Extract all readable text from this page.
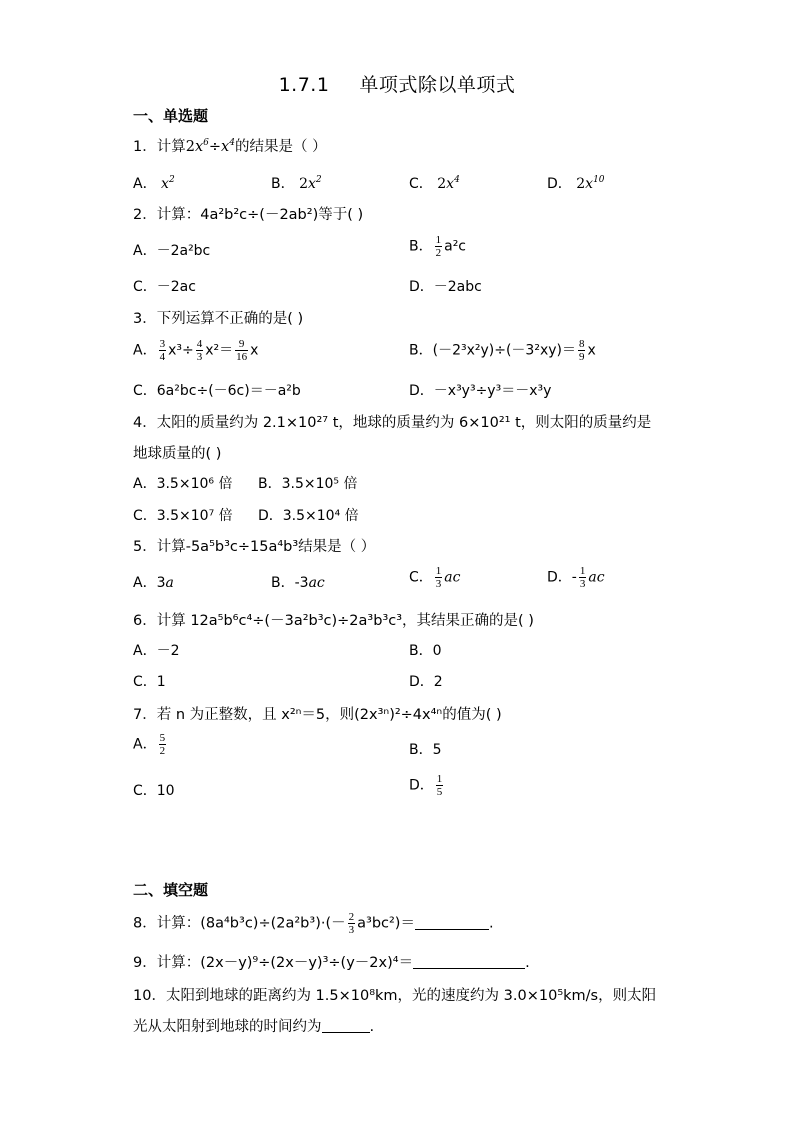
1.7.1 单项式除以单项式
一、单选题
1．计算$2x^6\div x^4$的结果是（ ）
A． $x^2$	B． $2x^2$	C． $2x^4$	D． $2x^{10}$
2．计算：4a²b²c÷(－2ab²)等于( )
A．－2a²bc	B． $\frac{1}{2} a^2c$
C．－2ac	D．－2abc
3．下列运算不正确的是( )
A． $\frac{3}{4} x^3\div \frac{4}{3} x^2= \frac{9}{16}$ x	B．$(-2^3x^2y)\div(-3^2xy)= \frac{8}{9}$ x
C．6a²bc÷(－6c)＝－a²b	D．－x³y³÷y³＝－x³y
4．太阳的质量约为 2.1×10²⁷ t，地球的质量约为 6×10²¹ t，则太阳的质量约是
地球质量的( )
A．3.5×10⁶ 倍 B．3.5×10⁵ 倍
C．3.5×10⁷ 倍 D．3.5×10⁴ 倍
5．计算-5a⁵b³c÷15a⁴b³结果是（ ）
A．3a	B．-3ac	C． $\frac{1}{3}$ ac	D．- $\frac{1}{3}$ ac
6．计算 12a⁵b⁶c⁴÷(－3a²b³c)÷2a³b³c³，其结果正确的是( )
A．－2	B．0
C．1	D．2
7．若 n 为正整数，且 x²ⁿ＝5，则(2x³ⁿ)²÷4x⁴ⁿ的值为( )
A． $\frac{5}{2}$	B．5
C．10	D． $\frac{1}{5}$
二、填空题
8．计算：$(8a^4b^3c)\div(2a^2b^3)\cdot(- \frac{2}{3} a^3bc^2)=$	.
9．计算：(2x－y)⁹÷(2x－y)³÷(y－2x)⁴＝	.
10．太阳到地球的距离约为 1.5×10⁸km，光的速度约为 3.0×10⁵km/s，则太阳
光从太阳射到地球的时间约为	.
